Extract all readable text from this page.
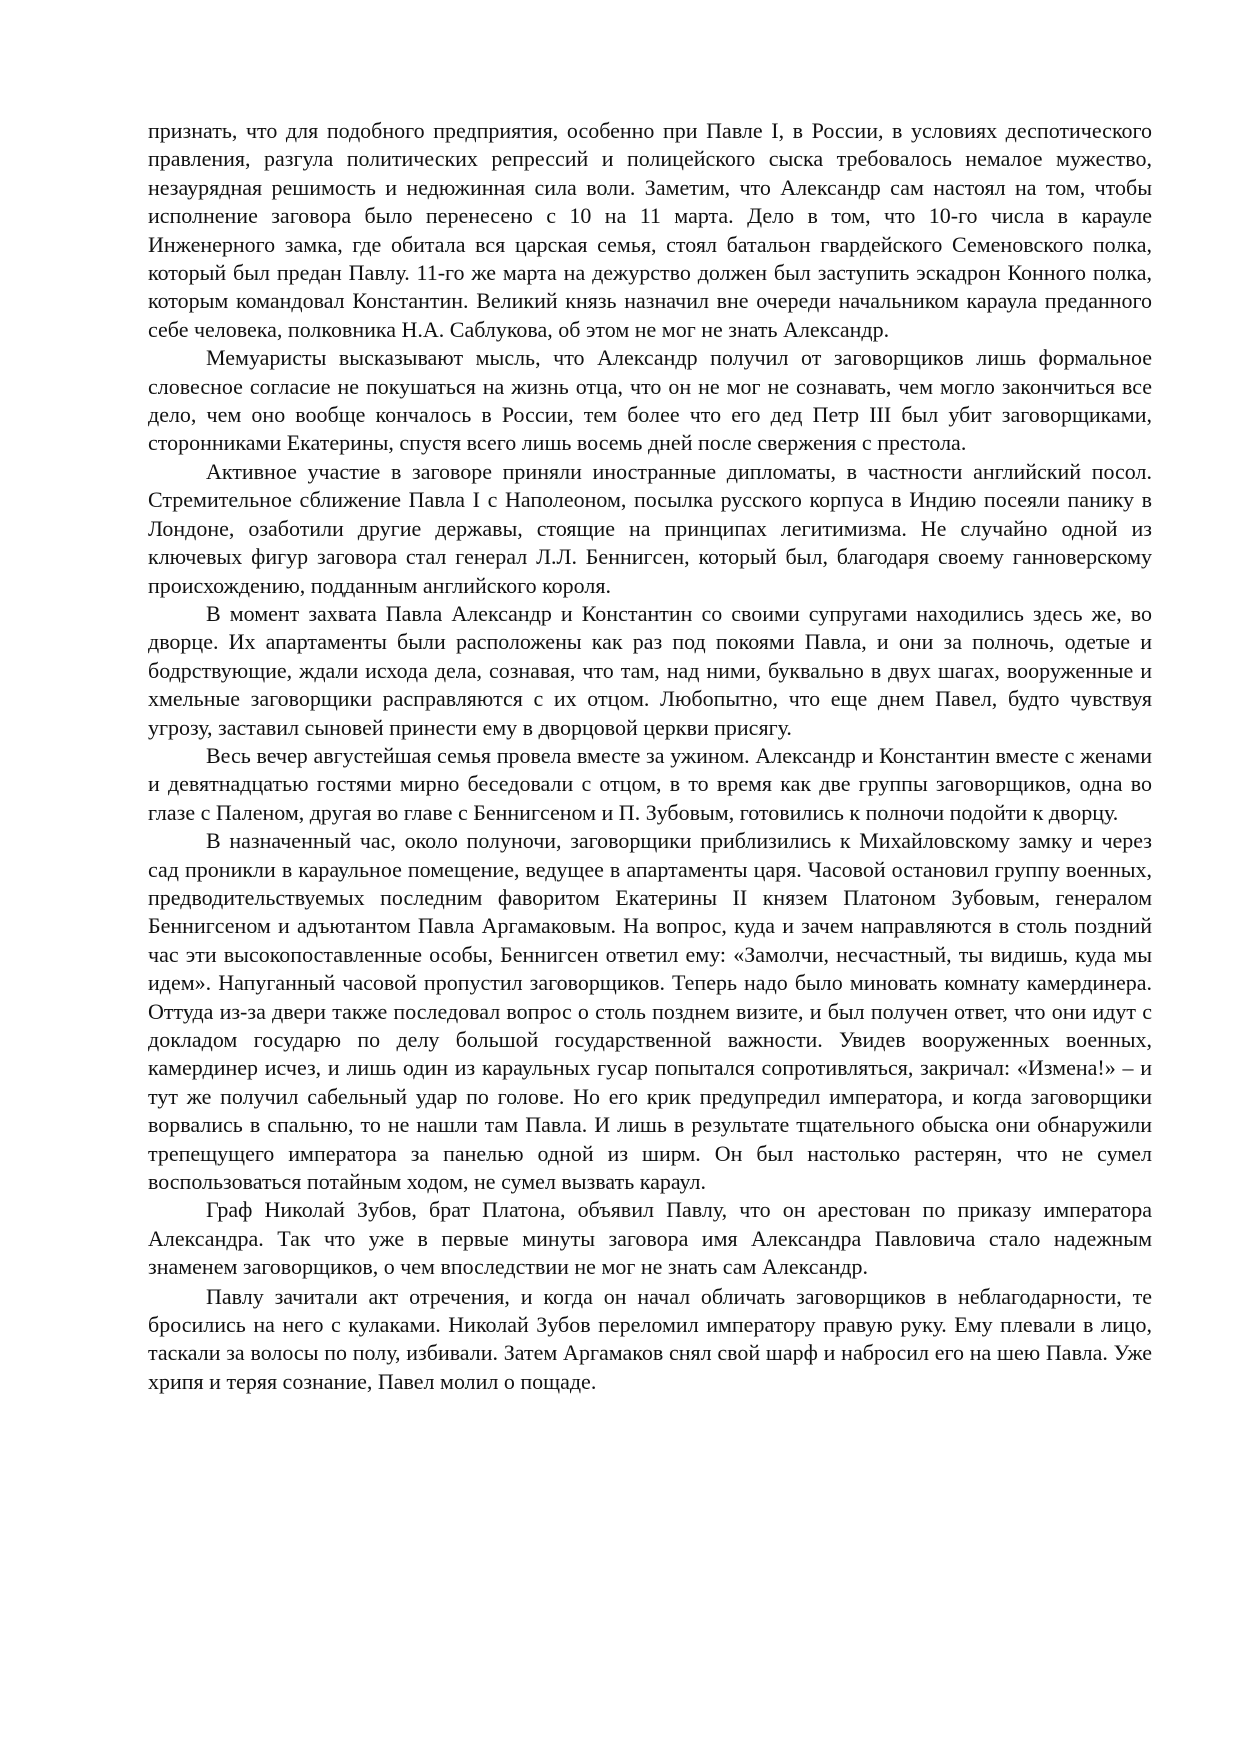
признать, что для подобного предприятия, особенно при Павле I, в России, в условиях деспотического правления, разгула политических репрессий и полицейского сыска требовалось немалое мужество, незаурядная решимость и недюжинная сила воли. Заметим, что Александр сам настоял на том, чтобы исполнение заговора было перенесено с 10 на 11 марта. Дело в том, что 10-го числа в карауле Инженерного замка, где обитала вся царская семья, стоял батальон гвардейского Семеновского полка, который был предан Павлу. 11-го же марта на дежурство должен был заступить эскадрон Конного полка, которым командовал Константин. Великий князь назначил вне очереди начальником караула преданного себе человека, полковника Н.А. Саблукова, об этом не мог не знать Александр.

Мемуаристы высказывают мысль, что Александр получил от заговорщиков лишь формальное словесное согласие не покушаться на жизнь отца, что он не мог не сознавать, чем могло закончиться все дело, чем оно вообще кончалось в России, тем более что его дед Петр III был убит заговорщиками, сторонниками Екатерины, спустя всего лишь восемь дней после свержения с престола.

Активное участие в заговоре приняли иностранные дипломаты, в частности английский посол. Стремительное сближение Павла I с Наполеоном, посылка русского корпуса в Индию посеяли панику в Лондоне, озаботили другие державы, стоящие на принципах легитимизма. Не случайно одной из ключевых фигур заговора стал генерал Л.Л. Беннигсен, который был, благодаря своему ганноверскому происхождению, подданным английского короля.

В момент захвата Павла Александр и Константин со своими супругами находились здесь же, во дворце. Их апартаменты были расположены как раз под покоями Павла, и они за полночь, одетые и бодрствующие, ждали исхода дела, сознавая, что там, над ними, буквально в двух шагах, вооруженные и хмельные заговорщики расправляются с их отцом. Любопытно, что еще днем Павел, будто чувствуя угрозу, заставил сыновей принести ему в дворцовой церкви присягу.

Весь вечер августейшая семья провела вместе за ужином. Александр и Константин вместе с женами и девятнадцатью гостями мирно беседовали с отцом, в то время как две группы заговорщиков, одна во глазе с Паленом, другая во главе с Беннигсеном и П. Зубовым, готовились к полночи подойти к дворцу.

В назначенный час, около полуночи, заговорщики приблизились к Михайловскому замку и через сад проникли в караульное помещение, ведущее в апартаменты царя. Часовой остановил группу военных, предводительствуемых последним фаворитом Екатерины II князем Платоном Зубовым, генералом Беннигсеном и адъютантом Павла Аргамаковым. На вопрос, куда и зачем направляются в столь поздний час эти высокопоставленные особы, Беннигсен ответил ему: «Замолчи, несчастный, ты видишь, куда мы идем». Напуганный часовой пропустил заговорщиков. Теперь надо было миновать комнату камердинера. Оттуда из-за двери также последовал вопрос о столь позднем визите, и был получен ответ, что они идут с докладом государю по делу большой государственной важности. Увидев вооруженных военных, камердинер исчез, и лишь один из караульных гусар попытался сопротивляться, закричал: «Измена!» – и тут же получил сабельный удар по голове. Но его крик предупредил императора, и когда заговорщики ворвались в спальню, то не нашли там Павла. И лишь в результате тщательного обыска они обнаружили трепещущего императора за панелью одной из ширм. Он был настолько растерян, что не сумел воспользоваться потайным ходом, не сумел вызвать караул.

Граф Николай Зубов, брат Платона, объявил Павлу, что он арестован по приказу императора Александра. Так что уже в первые минуты заговора имя Александра Павловича стало надежным знаменем заговорщиков, о чем впоследствии не мог не знать сам Александр.

Павлу зачитали акт отречения, и когда он начал обличать заговорщиков в неблагодарности, те бросились на него с кулаками. Николай Зубов переломил императору правую руку. Ему плевали в лицо, таскали за волосы по полу, избивали. Затем Аргамаков снял свой шарф и набросил его на шею Павла. Уже хрипя и теряя сознание, Павел молил о пощаде.
